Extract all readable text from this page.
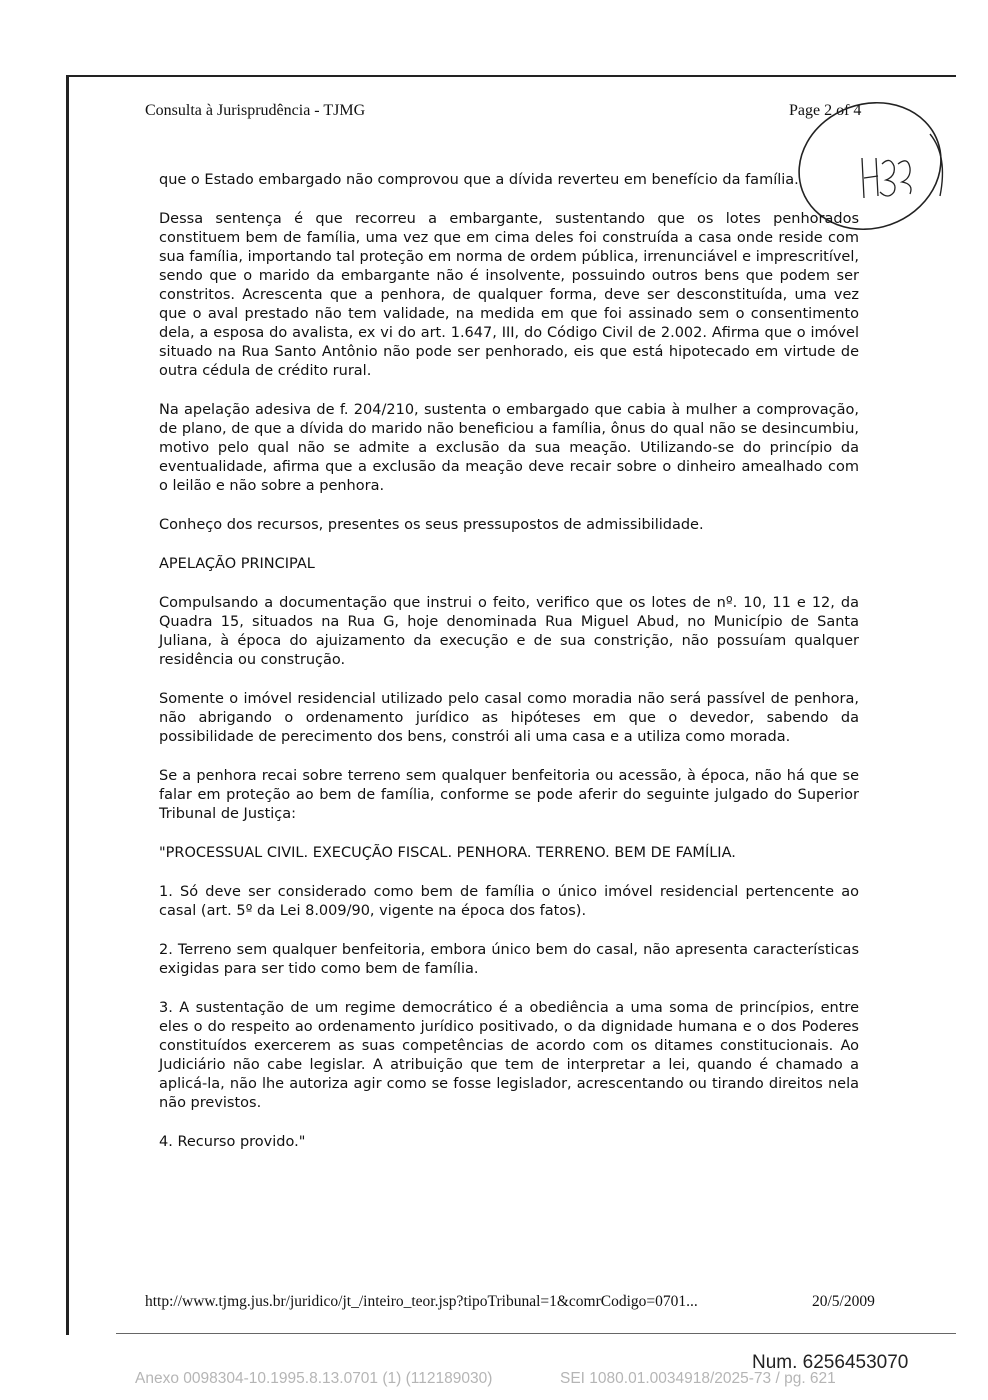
Consulta à Jurisprudência - TJMG	Page 2 of 4

que o Estado embargado não comprovou que a dívida reverteu em benefício da família.

Dessa sentença é que recorreu a embargante, sustentando que os lotes penhorados constituem bem de família, uma vez que em cima deles foi construída a casa onde reside com sua família, importando tal proteção em norma de ordem pública, irrenunciável e imprescritível, sendo que o marido da embargante não é insolvente, possuindo outros bens que podem ser constritos. Acrescenta que a penhora, de qualquer forma, deve ser desconstituída, uma vez que o aval prestado não tem validade, na medida em que foi assinado sem o consentimento dela, a esposa do avalista, ex vi do art. 1.647, III, do Código Civil de 2.002. Afirma que o imóvel situado na Rua Santo Antônio não pode ser penhorado, eis que está hipotecado em virtude de outra cédula de crédito rural.

Na apelação adesiva de f. 204/210, sustenta o embargado que cabia à mulher a comprovação, de plano, de que a dívida do marido não beneficiou a família, ônus do qual não se desincumbiu, motivo pelo qual não se admite a exclusão da sua meação. Utilizando-se do princípio da eventualidade, afirma que a exclusão da meação deve recair sobre o dinheiro amealhado com o leilão e não sobre a penhora.

Conheço dos recursos, presentes os seus pressupostos de admissibilidade.

APELAÇÃO PRINCIPAL

Compulsando a documentação que instrui o feito, verifico que os lotes de nº. 10, 11 e 12, da Quadra 15, situados na Rua G, hoje denominada Rua Miguel Abud, no Município de Santa Juliana, à época do ajuizamento da execução e de sua constrição, não possuíam qualquer residência ou construção.

Somente o imóvel residencial utilizado pelo casal como moradia não será passível de penhora, não abrigando o ordenamento jurídico as hipóteses em que o devedor, sabendo da possibilidade de perecimento dos bens, constrói ali uma casa e a utiliza como morada.

Se a penhora recai sobre terreno sem qualquer benfeitoria ou acessão, à época, não há que se falar em proteção ao bem de família, conforme se pode aferir do seguinte julgado do Superior Tribunal de Justiça:

"PROCESSUAL CIVIL. EXECUÇÃO FISCAL. PENHORA. TERRENO. BEM DE FAMÍLIA.

1. Só deve ser considerado como bem de família o único imóvel residencial pertencente ao casal (art. 5º da Lei 8.009/90, vigente na época dos fatos).

2. Terreno sem qualquer benfeitoria, embora único bem do casal, não apresenta características exigidas para ser tido como bem de família.

3. A sustentação de um regime democrático é a obediência a uma soma de princípios, entre eles o do respeito ao ordenamento jurídico positivado, o da dignidade humana e o dos Poderes constituídos exercerem as suas competências de acordo com os ditames constitucionais. Ao Judiciário não cabe legislar. A atribuição que tem de interpretar a lei, quando é chamado a aplicá-la, não lhe autoriza agir como se fosse legislador, acrescentando ou tirando direitos nela não previstos.

4. Recurso provido."

http://www.tjmg.jus.br/juridico/jt_/inteiro_teor.jsp?tipoTribunal=1&comrCodigo=0701...	20/5/2009
Num. 6256453070
Anexo 0098304-10.1995.8.13.0701 (1) (112189030)	SEI 1080.01.0034918/2025-73 / pg. 621
